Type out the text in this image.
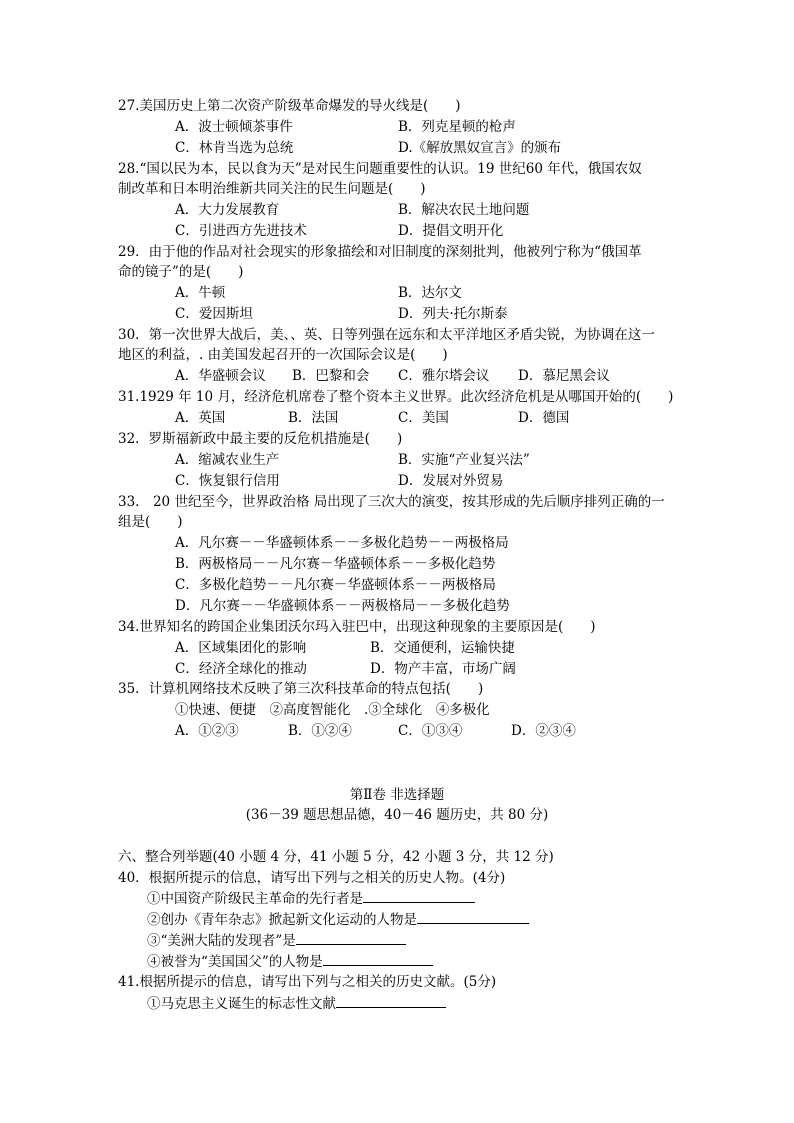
27.美国历史上第二次资产阶级革命爆发的导火线是(　　)
A．波士顿倾茶事件	B．列克星顿的枪声
C．林肯当选为总统	D.《解放黑奴宣言》的颁布
28.“国以民为本，民以食为天”是对民生问题重要性的认识。19 世纪60 年代，俄国农奴
制改革和日本明治维新共同关注的民生问题是(　　)
A．大力发展教育	B．解决农民土地问题
C．引进西方先进技术	D．提倡文明开化
29．由于他的作品对社会现实的形象描绘和对旧制度的深刻批判，他被列宁称为“俄国革
命的镜子”的是(　　)
A．牛顿	B．达尔文
C．爱因斯坦	D．列夫·托尔斯泰
30．第一次世界大战后，美、、英、日等列强在远东和太平洋地区矛盾尖锐，为协调在这一
地区的利益，. 由美国发起召开的一次国际会议是(　　)
A．华盛顿会议 B．巴黎和会 C．雅尔塔会议 D．慕尼黑会议
31.1929 年 10 月，经济危机席卷了整个资本主义世界。此次经济危机是从哪国开始的(　　)
A．英国	B．法国	C．美国	D．德国
32．罗斯福新政中最主要的反危机措施是(　　)
A．缩减农业生产	B．实施“产业复兴法”
C．恢复银行信用	D．发展对外贸易
33.　20 世纪至今，世界政治格 局出现了三次大的演变，按其形成的先后顺序排列正确的一
组是(　　)
A．凡尔赛－－华盛顿体系－－多极化趋势－－两极格局
B．两极格局－－凡尔赛－华盛顿体系－－多极化趋势
C．多极化趋势－－凡尔赛－华盛顿体系－－两极格局
D．凡尔赛－－华盛顿体系－－两极格局－－多极化趋势
34.世界知名的跨国企业集团沃尔玛入驻巴中，出现这种现象的主要原因是(　　)
A．区域集团化的影响	B．交通便利，运输快捷
C．经济全球化的推动	D．物产丰富，市场广阔
35．计算机网络技术反映了第三次科技革命的特点包括(　　)
①快速、便捷　②高度智能化　.③全球化　④多极化
A．①②③	B．①②④	C．①③④	D．②③④
第Ⅱ卷 非选择题
(36－39 题思想品德，40－46 题历史，共 80 分)
六、整合列举题(40 小题 4 分，41 小题 5 分，42 小题 3 分，共 12 分)
40．根据所提示的信息，请写出下列与之相关的历史人物。(4分)
①中国资产阶级民主革命的先行者是
②创办《青年杂志》掀起新文化运动的人物是
③“美洲大陆的发现者”是
④被誉为“美国国父”的人物是
41.根据所提示的信息，请写出下列与之相关的历史文献。(5分)
①马克思主义诞生的标志性文献
